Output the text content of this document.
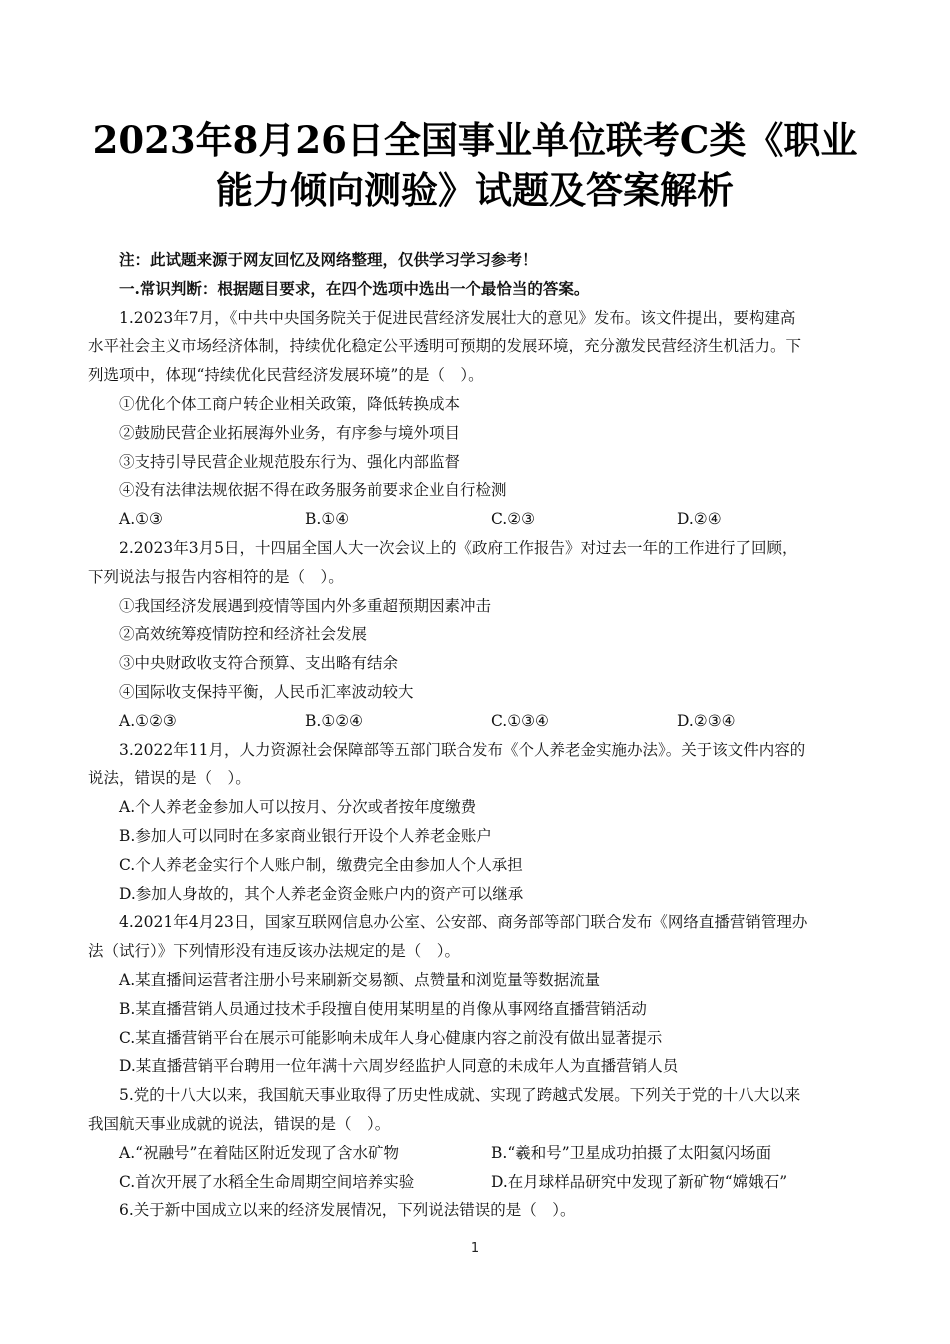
2023年8月26日全国事业单位联考C类《职业
能力倾向测验》试题及答案解析
注：此试题来源于网友回忆及网络整理，仅供学习学习参考！
一.常识判断：根据题目要求，在四个选项中选出一个最恰当的答案。
1.2023年7月，《中共中央国务院关于促进民营经济发展壮大的意见》发布。该文件提出，要构建高
水平社会主义市场经济体制，持续优化稳定公平透明可预期的发展环境，充分激发民营经济生机活力。下
列选项中，体现“持续优化民营经济发展环境”的是（　）。
①优化个体工商户转企业相关政策，降低转换成本
②鼓励民营企业拓展海外业务，有序参与境外项目
③支持引导民营企业规范股东行为、强化内部监督
④没有法律法规依据不得在政务服务前要求企业自行检测
A.①③	B.①④	C.②③	D.②④
2.2023年3月5日，十四届全国人大一次会议上的《政府工作报告》对过去一年的工作进行了回顾，
下列说法与报告内容相符的是（　）。
①我国经济发展遇到疫情等国内外多重超预期因素冲击
②高效统筹疫情防控和经济社会发展
③中央财政收支符合预算、支出略有结余
④国际收支保持平衡，人民币汇率波动较大
A.①②③	B.①②④	C.①③④	D.②③④
3.2022年11月，人力资源社会保障部等五部门联合发布《个人养老金实施办法》。关于该文件内容的
说法，错误的是（　）。
A.个人养老金参加人可以按月、分次或者按年度缴费
B.参加人可以同时在多家商业银行开设个人养老金账户
C.个人养老金实行个人账户制，缴费完全由参加人个人承担
D.参加人身故的，其个人养老金资金账户内的资产可以继承
4.2021年4月23日，国家互联网信息办公室、公安部、商务部等部门联合发布《网络直播营销管理办
法（试行）》下列情形没有违反该办法规定的是（　）。
A.某直播间运营者注册小号来刷新交易额、点赞量和浏览量等数据流量
B.某直播营销人员通过技术手段擅自使用某明星的肖像从事网络直播营销活动
C.某直播营销平台在展示可能影响未成年人身心健康内容之前没有做出显著提示
D.某直播营销平台聘用一位年满十六周岁经监护人同意的未成年人为直播营销人员
5.党的十八大以来，我国航天事业取得了历史性成就、实现了跨越式发展。下列关于党的十八大以来
我国航天事业成就的说法，错误的是（　）。
A.“祝融号”在着陆区附近发现了含水矿物	B.“羲和号”卫星成功拍摄了太阳氦闪场面
C.首次开展了水稻全生命周期空间培养实验	D.在月球样品研究中发现了新矿物“嫦娥石”
6.关于新中国成立以来的经济发展情况，下列说法错误的是（　）。
1
